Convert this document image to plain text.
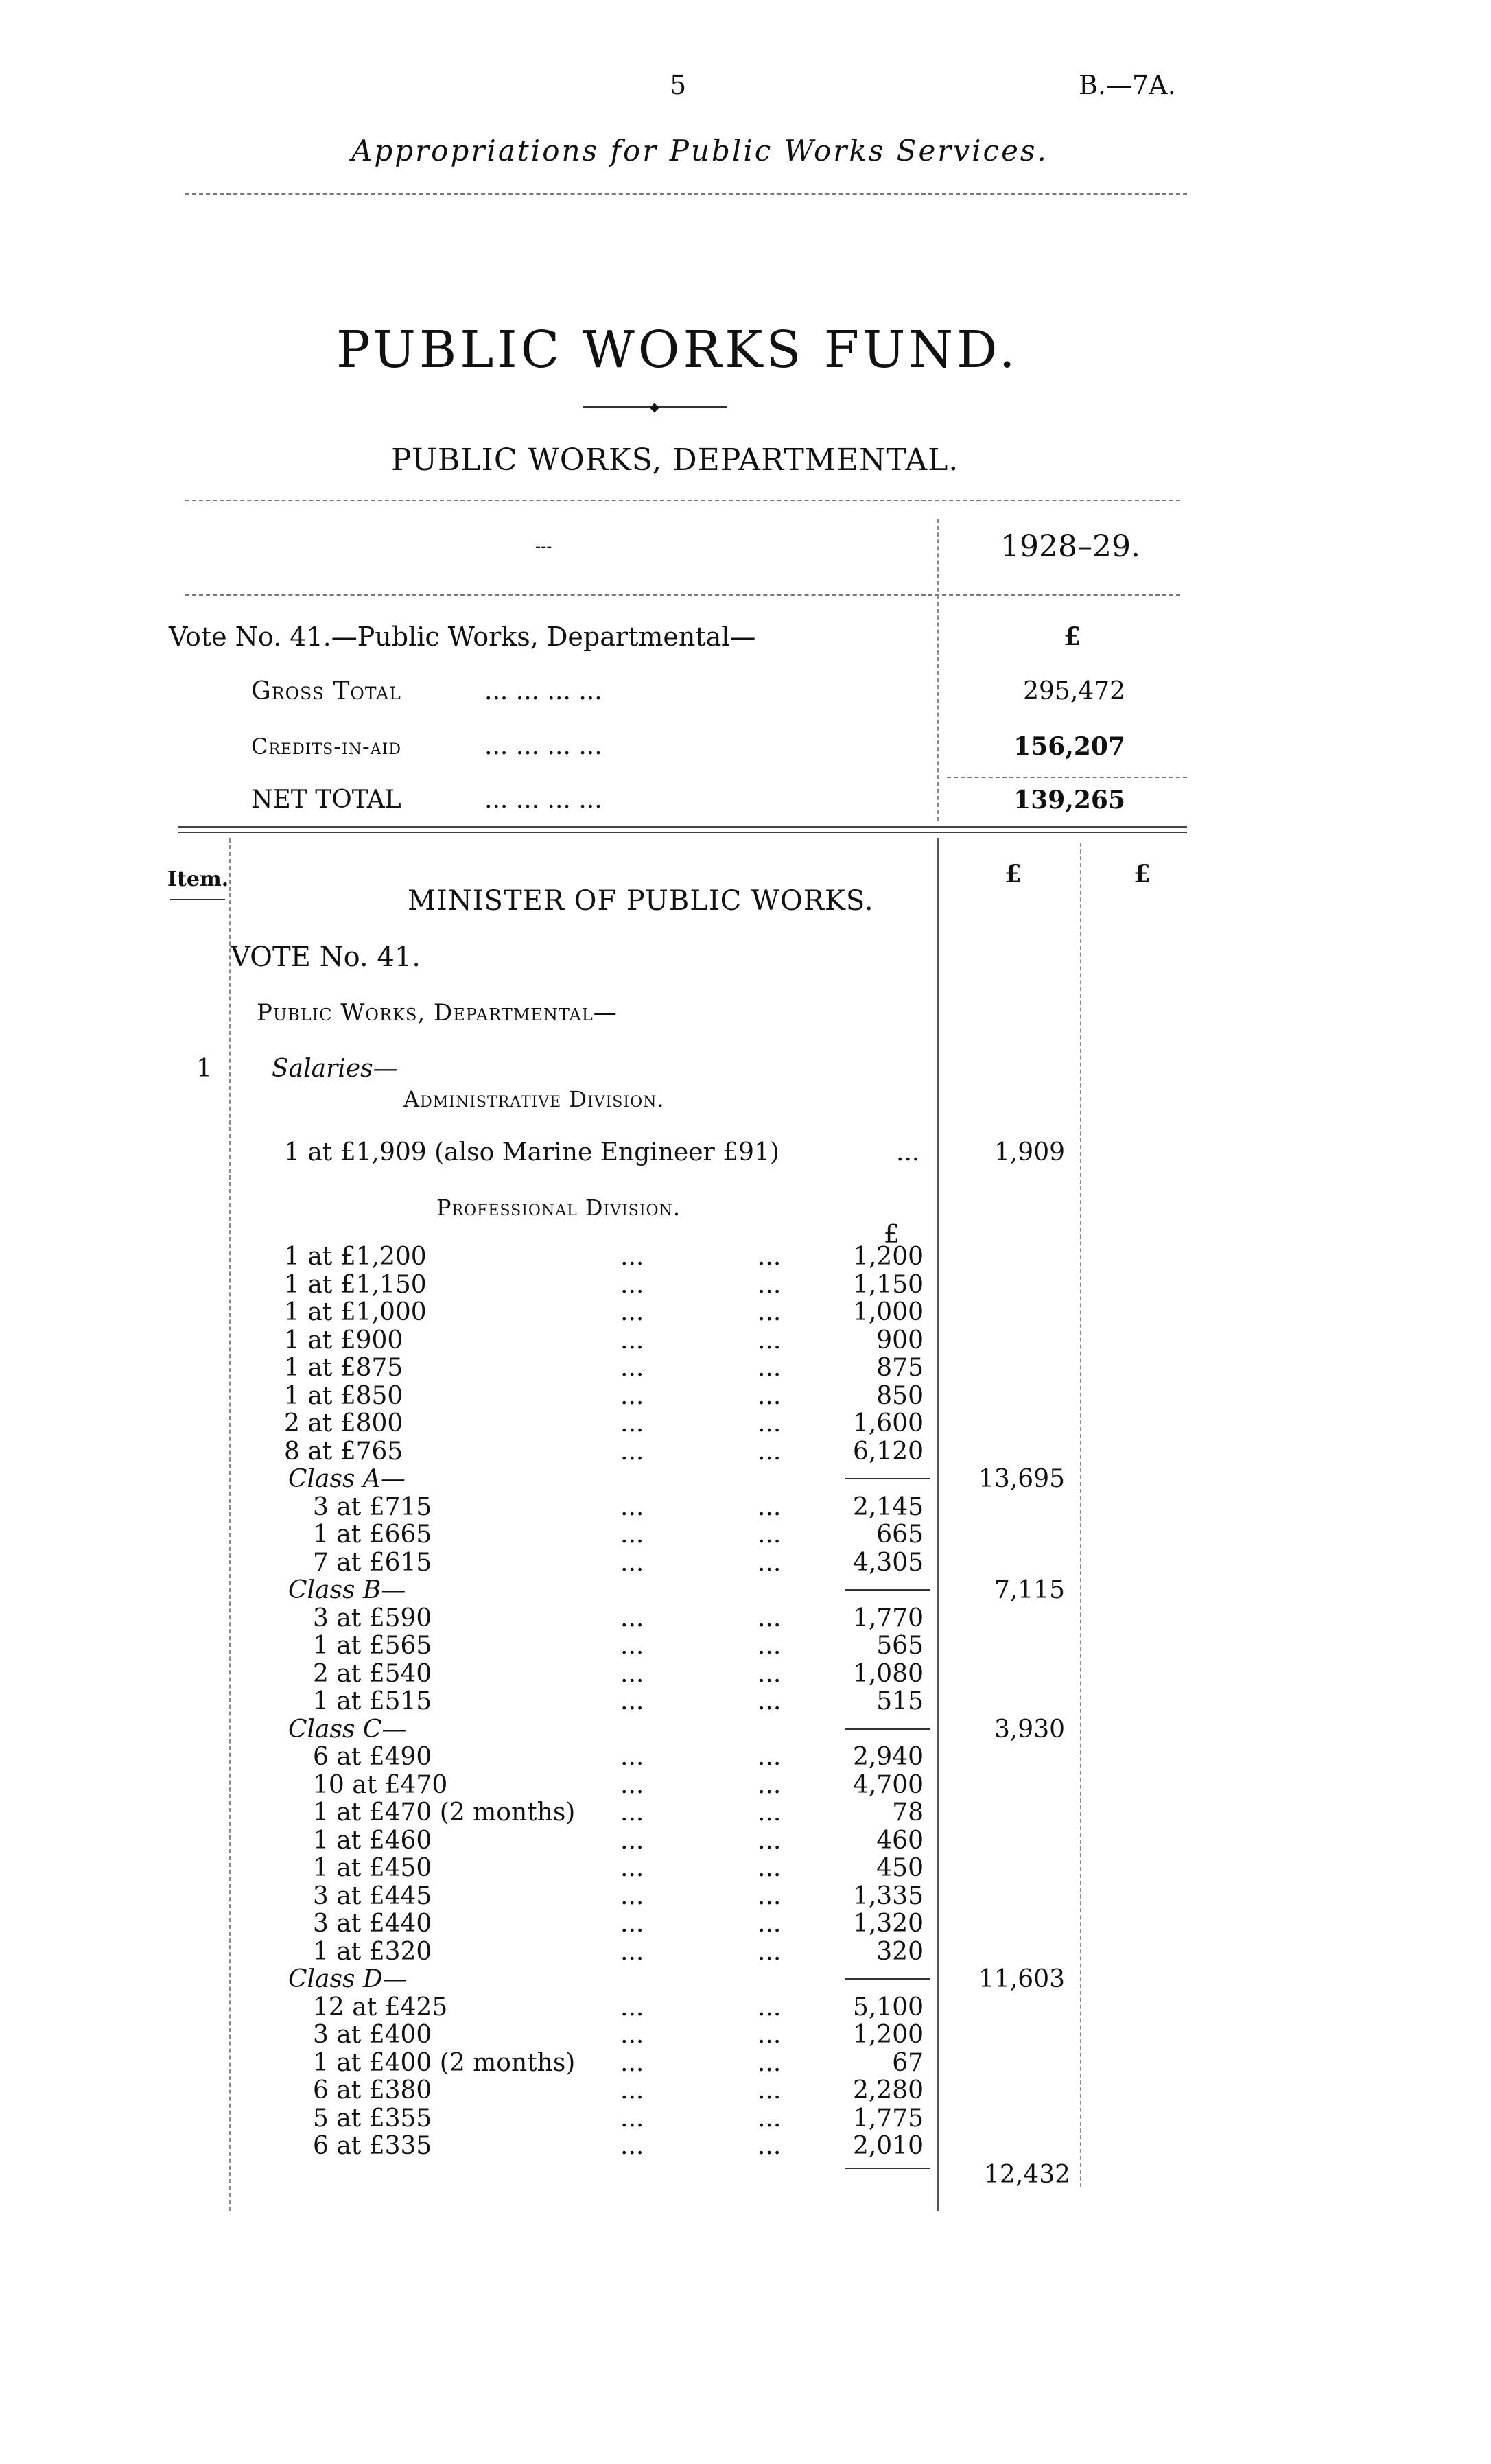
5	B.—7A.
Appropriations for Public Works Services.
PUBLIC WORKS FUND.
◆
PUBLIC WORKS, DEPARTMENTAL.
---	1928–29.
Vote No. 41.—Public Works, Departmental—	£
Gross Total	... ... ... ...	295,472
Credits-in-aid	... ... ... ...	156,207
NET TOTAL	... ... ... ...	139,265
Item.	£	£
MINISTER OF PUBLIC WORKS.
VOTE No. 41.
Public Works, Departmental—
1 Salaries—
Administrative Division.
1 at £1,909 (also Marine Engineer £91)	...	1,909
Professional Division.
£
1 at £1,200	...	...	1,200
1 at £1,150	...	...	1,150
1 at £1,000	...	...	1,000
1 at £900	...	...	900
1 at £875	...	...	875
1 at £850	...	...	850
2 at £800	...	...	1,600
8 at £765	...	...	6,120
Class A—	13,695
3 at £715	...	...	2,145
1 at £665	...	...	665
7 at £615	...	...	4,305
Class B—	7,115
3 at £590	...	...	1,770
1 at £565	...	...	565
2 at £540	...	...	1,080
1 at £515	...	...	515
Class C—	3,930
6 at £490	...	...	2,940
10 at £470	...	...	4,700
1 at £470 (2 months) ...	...	78
1 at £460	...	...	460
1 at £450	...	...	450
3 at £445	...	...	1,335
3 at £440	...	...	1,320
1 at £320	...	...	320
Class D—	11,603
12 at £425	...	...	5,100
3 at £400	...	...	1,200
1 at £400 (2 months) ...	...	67
6 at £380	...	...	2,280
5 at £355	...	...	1,775
6 at £335	...	...	2,010
12,432
